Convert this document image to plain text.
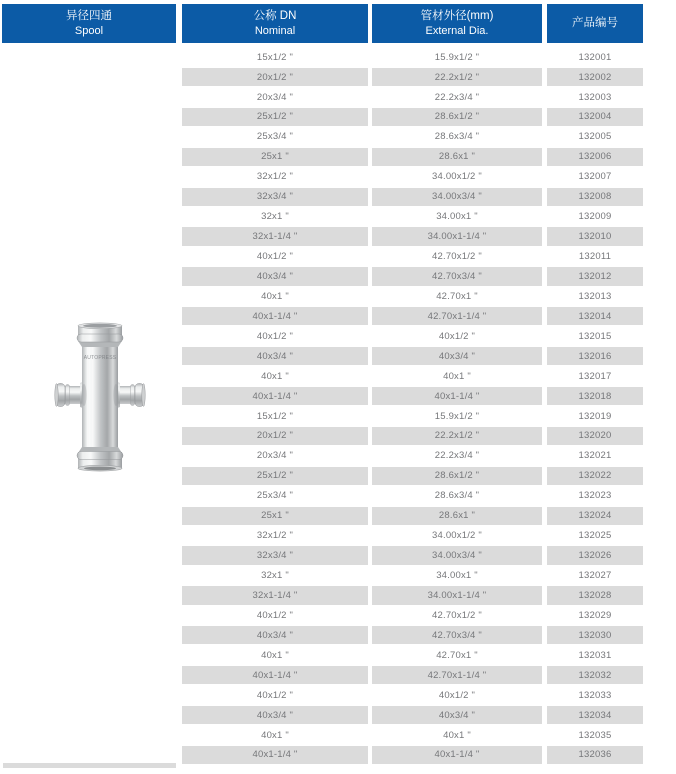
异径四通
Spool
公称 DN
Nominal
管材外径(mm)
External Dia.
产品编号
AUTOPRESS
15x1/2 "	15.9x1/2 "	132001
20x1/2 "	22.2x1/2 "	132002
20x3/4 "	22.2x3/4 "	132003
25x1/2 "	28.6x1/2 "	132004
25x3/4 "	28.6x3/4 "	132005
25x1 "	28.6x1 "	132006
32x1/2 "	34.00x1/2 "	132007
32x3/4 "	34.00x3/4 "	132008
32x1 "	34.00x1 "	132009
32x1-1/4 "	34.00x1-1/4 "	132010
40x1/2 "	42.70x1/2 "	132011
40x3/4 "	42.70x3/4 "	132012
40x1 "	42.70x1 "	132013
40x1-1/4 "	42.70x1-1/4 "	132014
40x1/2 "	40x1/2 "	132015
40x3/4 "	40x3/4 "	132016
40x1 "	40x1 "	132017
40x1-1/4 "	40x1-1/4 "	132018
15x1/2 "	15.9x1/2 "	132019
20x1/2 "	22.2x1/2 "	132020
20x3/4 "	22.2x3/4 "	132021
25x1/2 "	28.6x1/2 "	132022
25x3/4 "	28.6x3/4 "	132023
25x1 "	28.6x1 "	132024
32x1/2 "	34.00x1/2 "	132025
32x3/4 "	34.00x3/4 "	132026
32x1 "	34.00x1 "	132027
32x1-1/4 "	34.00x1-1/4 "	132028
40x1/2 "	42.70x1/2 "	132029
40x3/4 "	42.70x3/4 "	132030
40x1 "	42.70x1 "	132031
40x1-1/4 "	42.70x1-1/4 "	132032
40x1/2 "	40x1/2 "	132033
40x3/4 "	40x3/4 "	132034
40x1 "	40x1 "	132035
40x1-1/4 "	40x1-1/4 "	132036
